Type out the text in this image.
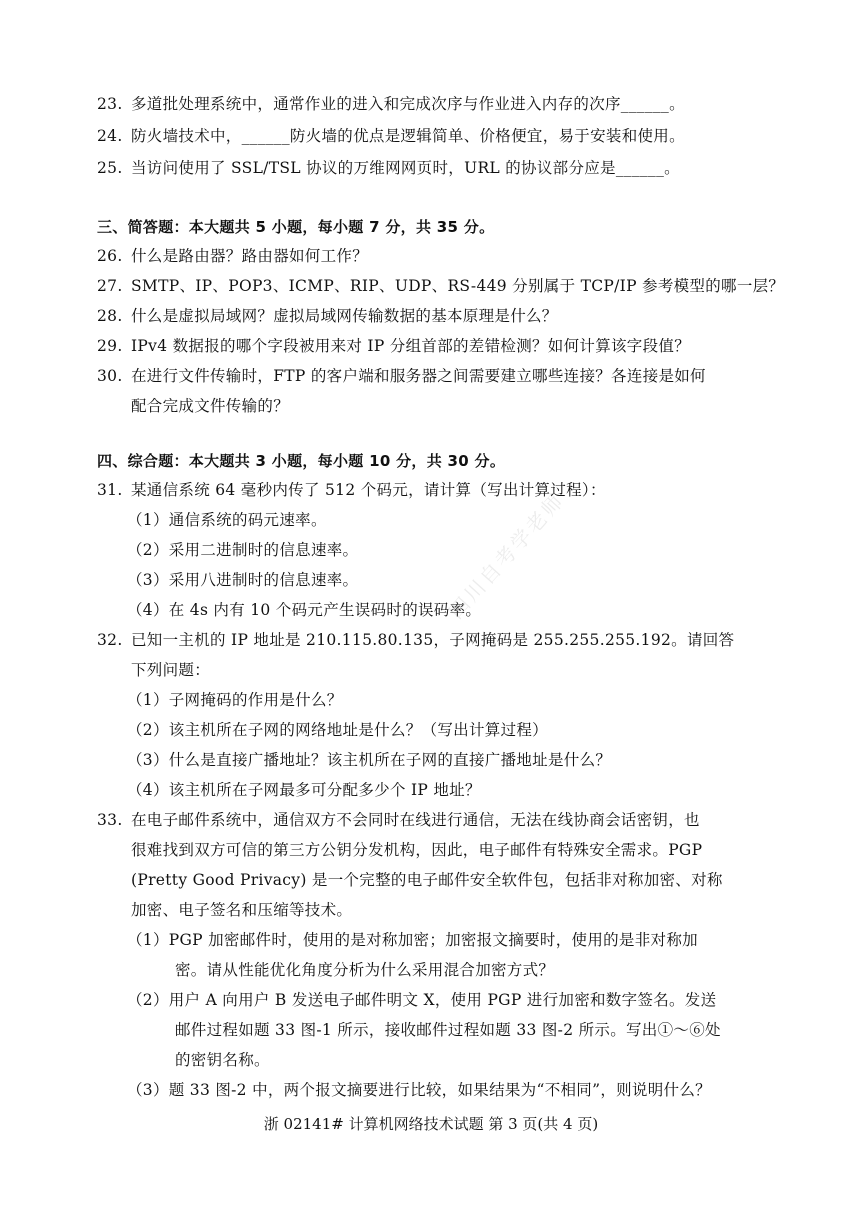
23. 多道批处理系统中，通常作业的进入和完成次序与作业进入内存的次序______。
24. 防火墙技术中，______防火墙的优点是逻辑简单、价格便宜，易于安装和使用。
25. 当访问使用了 SSL/TSL 协议的万维网网页时，URL 的协议部分应是______。
三、简答题：本大题共 5 小题，每小题 7 分，共 35 分。
26. 什么是路由器？路由器如何工作？
27. SMTP、IP、POP3、ICMP、RIP、UDP、RS-449 分别属于 TCP/IP 参考模型的哪一层？
28. 什么是虚拟局域网？虚拟局域网传输数据的基本原理是什么？
29. IPv4 数据报的哪个字段被用来对 IP 分组首部的差错检测？如何计算该字段值？
30. 在进行文件传输时，FTP 的客户端和服务器之间需要建立哪些连接？各连接是如何
配合完成文件传输的？
四、综合题：本大题共 3 小题，每小题 10 分，共 30 分。
31. 某通信系统 64 毫秒内传了 512 个码元，请计算（写出计算过程）：
（1）通信系统的码元速率。
（2）采用二进制时的信息速率。
（3）采用八进制时的信息速率。
（4）在 4s 内有 10 个码元产生误码时的误码率。
32. 已知一主机的 IP 地址是 210.115.80.135，子网掩码是 255.255.255.192。请回答
下列问题：
（1）子网掩码的作用是什么？
（2）该主机所在子网的网络地址是什么？（写出计算过程）
（3）什么是直接广播地址？该主机所在子网的直接广播地址是什么？
（4）该主机所在子网最多可分配多少个 IP 地址？
33. 在电子邮件系统中，通信双方不会同时在线进行通信，无法在线协商会话密钥，也
很难找到双方可信的第三方公钥分发机构，因此，电子邮件有特殊安全需求。PGP
(Pretty Good Privacy) 是一个完整的电子邮件安全软件包，包括非对称加密、对称
加密、电子签名和压缩等技术。
（1）PGP 加密邮件时，使用的是对称加密；加密报文摘要时，使用的是非对称加
密。请从性能优化角度分析为什么采用混合加密方式？
（2）用户 A 向用户 B 发送电子邮件明文 X，使用 PGP 进行加密和数字签名。发送
邮件过程如题 33 图-1 所示，接收邮件过程如题 33 图-2 所示。写出①～⑥处
的密钥名称。
（3）题 33 图-2 中，两个报文摘要进行比较，如果结果为“不相同”，则说明什么？
四川自考学老师
浙 02141# 计算机网络技术试题 第 3 页(共 4 页)
